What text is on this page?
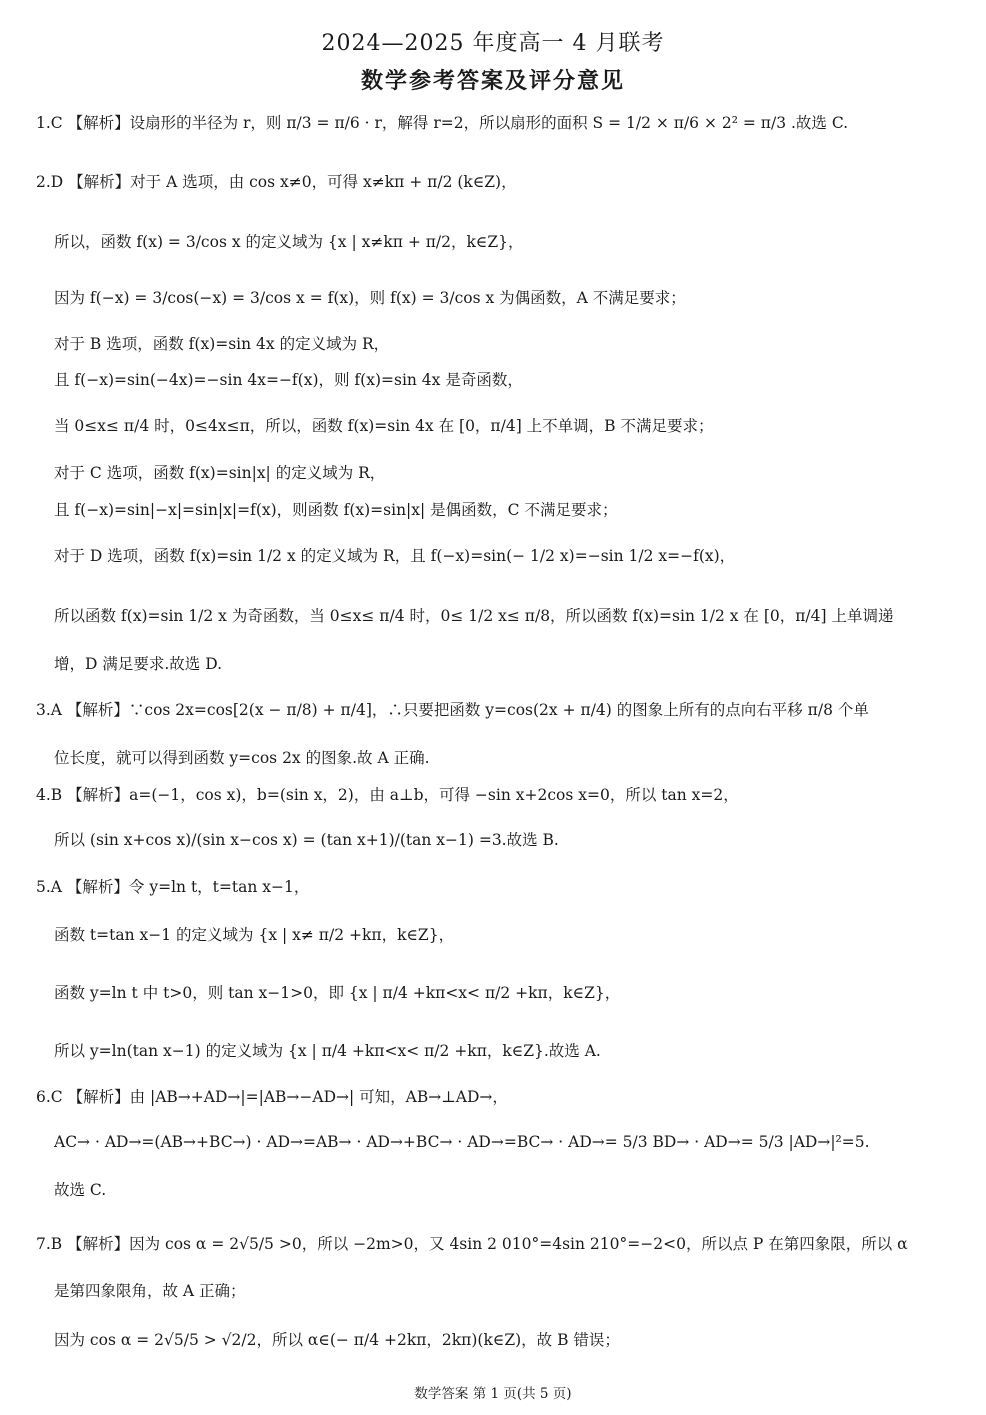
2024—2025 年度高一 4 月联考
数学参考答案及评分意见
1.C 【解析】设扇形的半径为 r，则 π/3 = π/6 · r，解得 r=2，所以扇形的面积 S = 1/2 × π/6 × 2² = π/3 .故选 C.
2.D 【解析】对于 A 选项，由 cos x≠0，可得 x≠kπ + π/2 (k∈Z)，
所以，函数 f(x) = 3/cos x 的定义域为 {x | x≠kπ + π/2，k∈Z}，
因为 f(−x) = 3/cos(−x) = 3/cos x = f(x)，则 f(x) = 3/cos x 为偶函数，A 不满足要求；
对于 B 选项，函数 f(x)=sin 4x 的定义域为 R，
且 f(−x)=sin(−4x)=−sin 4x=−f(x)，则 f(x)=sin 4x 是奇函数，
当 0≤x≤ π/4 时，0≤4x≤π，所以，函数 f(x)=sin 4x 在 [0，π/4] 上不单调，B 不满足要求；
对于 C 选项，函数 f(x)=sin|x| 的定义域为 R，
且 f(−x)=sin|−x|=sin|x|=f(x)，则函数 f(x)=sin|x| 是偶函数，C 不满足要求；
对于 D 选项，函数 f(x)=sin 1/2 x 的定义域为 R，且 f(−x)=sin(− 1/2 x)=−sin 1/2 x=−f(x)，
所以函数 f(x)=sin 1/2 x 为奇函数，当 0≤x≤ π/4 时，0≤ 1/2 x≤ π/8，所以函数 f(x)=sin 1/2 x 在 [0，π/4] 上单调递
增，D 满足要求.故选 D.
3.A 【解析】∵cos 2x=cos[2(x − π/8) + π/4]，∴只要把函数 y=cos(2x + π/4) 的图象上所有的点向右平移 π/8 个单
位长度，就可以得到函数 y=cos 2x 的图象.故 A 正确.
4.B 【解析】a=(−1，cos x)，b=(sin x，2)，由 a⊥b，可得 −sin x+2cos x=0，所以 tan x=2，
所以 (sin x+cos x)/(sin x−cos x) = (tan x+1)/(tan x−1) =3.故选 B.
5.A 【解析】令 y=ln t，t=tan x−1，
函数 t=tan x−1 的定义域为 {x | x≠ π/2 +kπ，k∈Z}，
函数 y=ln t 中 t>0，则 tan x−1>0，即 {x | π/4 +kπ<x< π/2 +kπ，k∈Z}，
所以 y=ln(tan x−1) 的定义域为 {x | π/4 +kπ<x< π/2 +kπ，k∈Z}.故选 A.
6.C 【解析】由 |AB→+AD→|=|AB→−AD→| 可知，AB→⊥AD→，
AC→ · AD→=(AB→+BC→) · AD→=AB→ · AD→+BC→ · AD→=BC→ · AD→= 5/3 BD→ · AD→= 5/3 |AD→|²=5.
故选 C.
7.B 【解析】因为 cos α = 2√5/5 >0，所以 −2m>0，又 4sin 2 010°=4sin 210°=−2<0，所以点 P 在第四象限，所以 α
是第四象限角，故 A 正确；
因为 cos α = 2√5/5 > √2/2，所以 α∈(− π/4 +2kπ，2kπ)(k∈Z)，故 B 错误；
数学答案 第 1 页(共 5 页)
